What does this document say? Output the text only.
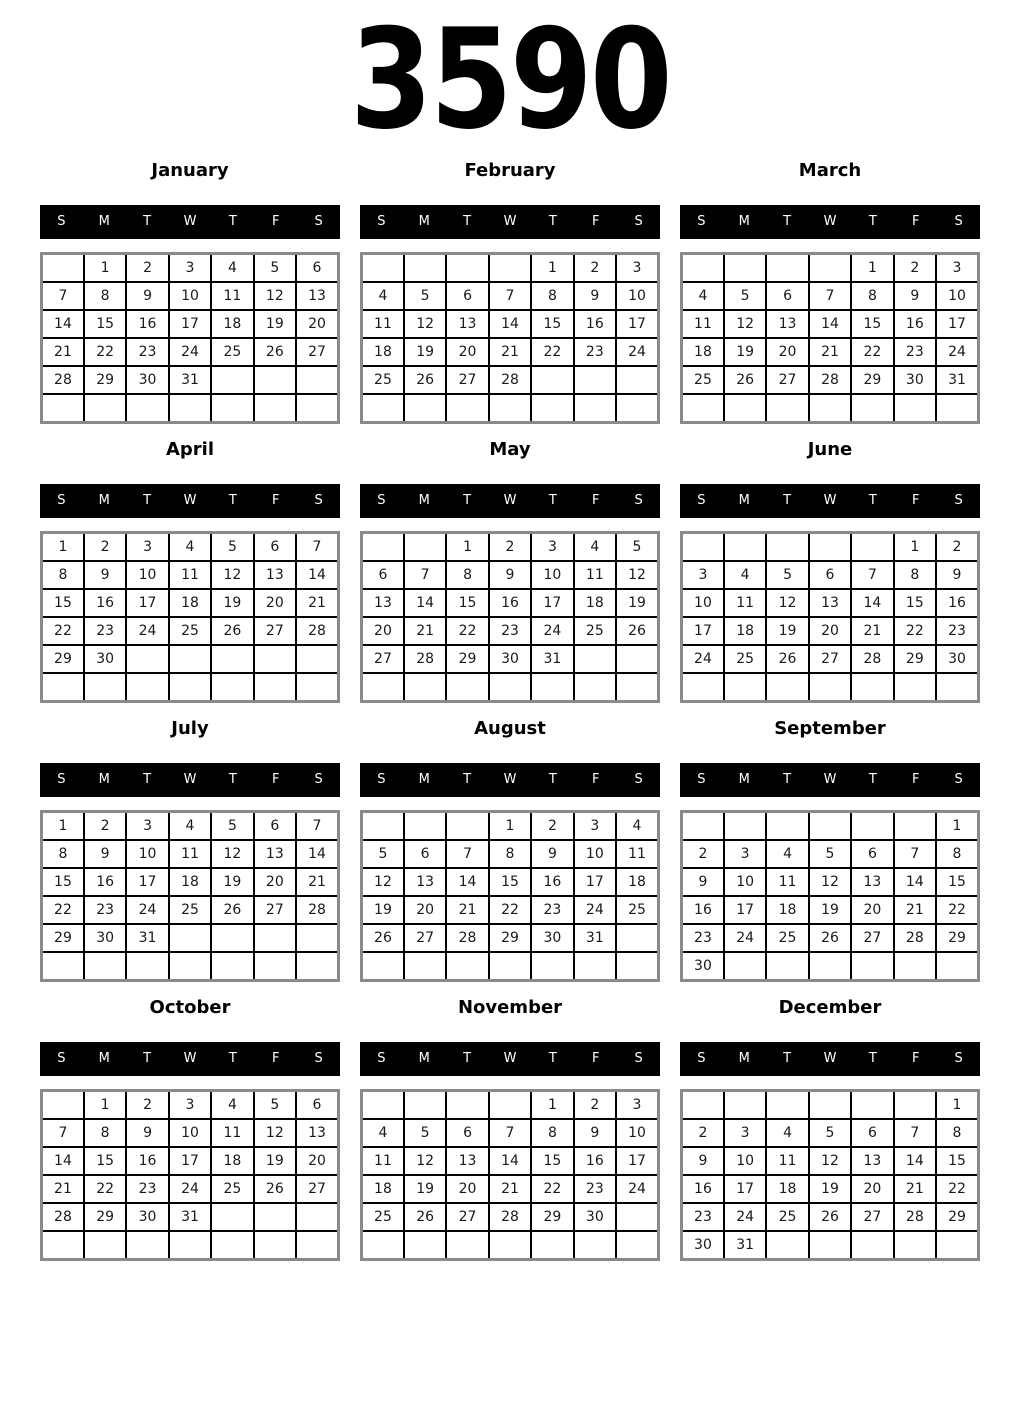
3590
January
S	M	T	W	T	F	S
	1	2	3	4	5	6
7	8	9	10	11	12	13
14	15	16	17	18	19	20
21	22	23	24	25	26	27
28	29	30	31			

February
S	M	T	W	T	F	S
				1	2	3
4	5	6	7	8	9	10
11	12	13	14	15	16	17
18	19	20	21	22	23	24
25	26	27	28			

March
S	M	T	W	T	F	S
				1	2	3
4	5	6	7	8	9	10
11	12	13	14	15	16	17
18	19	20	21	22	23	24
25	26	27	28	29	30	31

April
S	M	T	W	T	F	S
1	2	3	4	5	6	7
8	9	10	11	12	13	14
15	16	17	18	19	20	21
22	23	24	25	26	27	28
29	30					

May
S	M	T	W	T	F	S
		1	2	3	4	5
6	7	8	9	10	11	12
13	14	15	16	17	18	19
20	21	22	23	24	25	26
27	28	29	30	31		

June
S	M	T	W	T	F	S
					1	2
3	4	5	6	7	8	9
10	11	12	13	14	15	16
17	18	19	20	21	22	23
24	25	26	27	28	29	30

July
S	M	T	W	T	F	S
1	2	3	4	5	6	7
8	9	10	11	12	13	14
15	16	17	18	19	20	21
22	23	24	25	26	27	28
29	30	31				

August
S	M	T	W	T	F	S
			1	2	3	4
5	6	7	8	9	10	11
12	13	14	15	16	17	18
19	20	21	22	23	24	25
26	27	28	29	30	31	

September
S	M	T	W	T	F	S
						1
2	3	4	5	6	7	8
9	10	11	12	13	14	15
16	17	18	19	20	21	22
23	24	25	26	27	28	29
30						
October
S	M	T	W	T	F	S
	1	2	3	4	5	6
7	8	9	10	11	12	13
14	15	16	17	18	19	20
21	22	23	24	25	26	27
28	29	30	31			

November
S	M	T	W	T	F	S
				1	2	3
4	5	6	7	8	9	10
11	12	13	14	15	16	17
18	19	20	21	22	23	24
25	26	27	28	29	30	

December
S	M	T	W	T	F	S
						1
2	3	4	5	6	7	8
9	10	11	12	13	14	15
16	17	18	19	20	21	22
23	24	25	26	27	28	29
30	31					
